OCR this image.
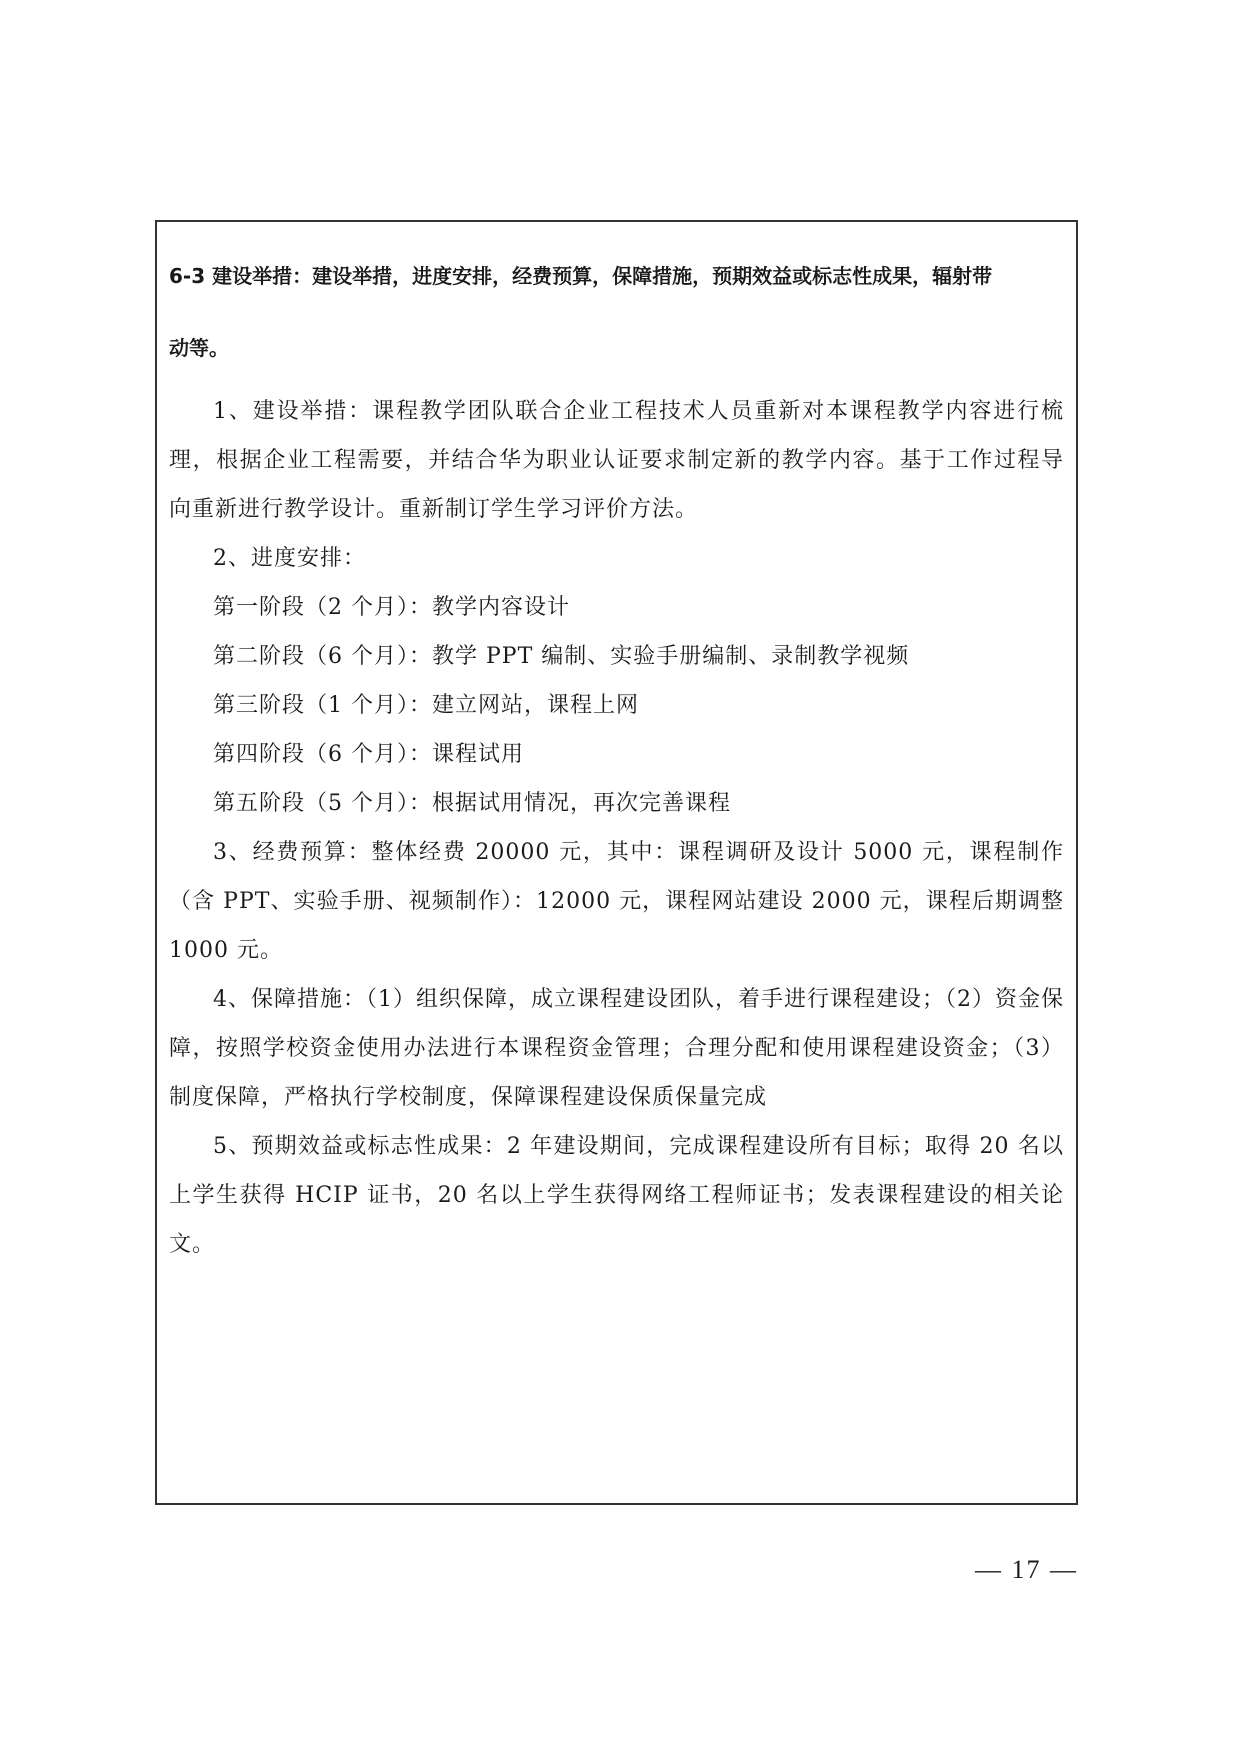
6-3 建设举措：建设举措，进度安排，经费预算，保障措施，预期效益或标志性成果，辐射带
动等。

1、建设举措：课程教学团队联合企业工程技术人员重新对本课程教学内容进行梳理，根据企业工程需要，并结合华为职业认证要求制定新的教学内容。基于工作过程导向重新进行教学设计。重新制订学生学习评价方法。

2、进度安排：

第一阶段（2 个月）：教学内容设计

第二阶段（6 个月）：教学 PPT 编制、实验手册编制、录制教学视频

第三阶段（1 个月）：建立网站，课程上网

第四阶段（6 个月）：课程试用

第五阶段（5 个月）：根据试用情况，再次完善课程

3、经费预算：整体经费 20000 元，其中：课程调研及设计 5000 元，课程制作（含 PPT、实验手册、视频制作）：12000 元，课程网站建设 2000 元，课程后期调整 1000 元。

4、保障措施：（1）组织保障，成立课程建设团队，着手进行课程建设；（2）资金保障，按照学校资金使用办法进行本课程资金管理；合理分配和使用课程建设资金；（3）制度保障，严格执行学校制度，保障课程建设保质保量完成

5、预期效益或标志性成果：2 年建设期间，完成课程建设所有目标；取得 20 名以上学生获得 HCIP 证书，20 名以上学生获得网络工程师证书；发表课程建设的相关论文。

— 17 —
